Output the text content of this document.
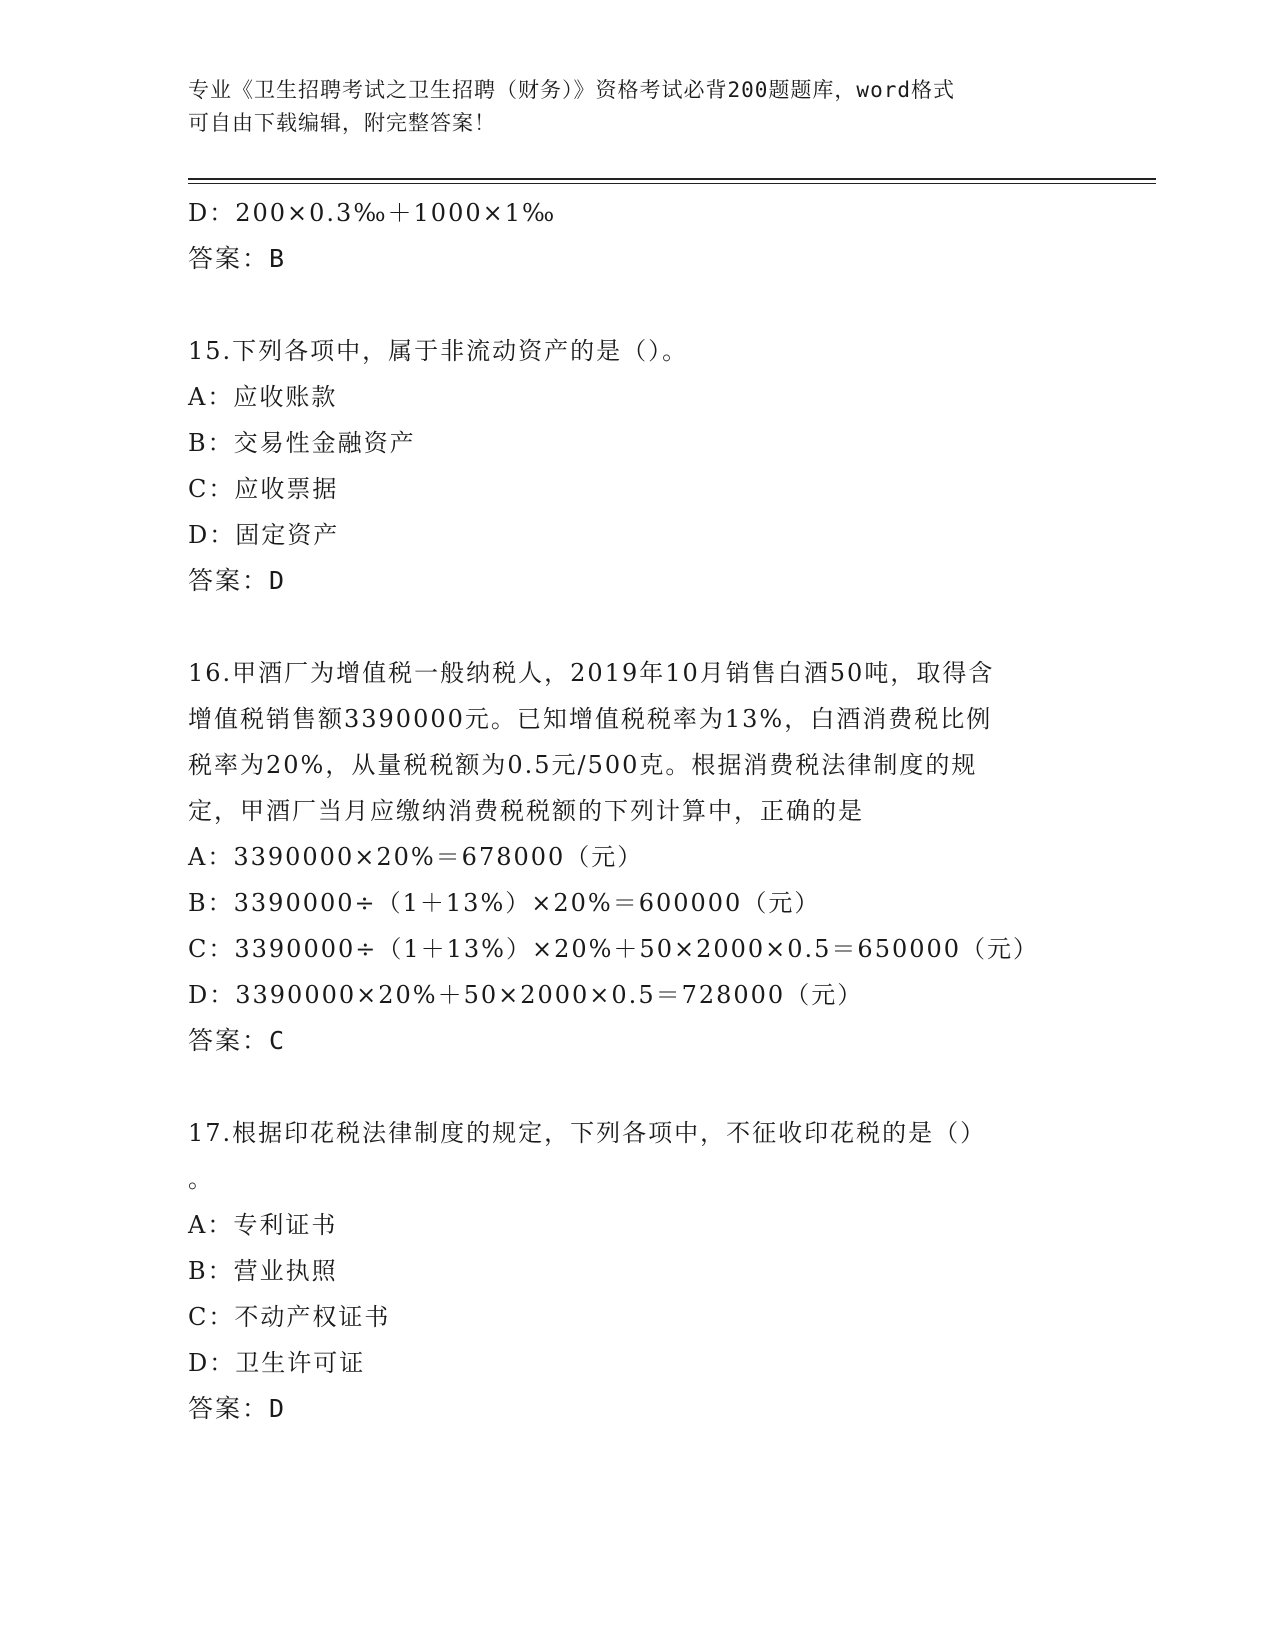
专业《卫生招聘考试之卫生招聘（财务）》资格考试必背200题题库，word格式
可自由下载编辑，附完整答案！
D：200×0.3‰＋1000×1‰
答案：B
15.下列各项中，属于非流动资产的是（）。
A：应收账款
B：交易性金融资产
C：应收票据
D：固定资产
答案：D
16.甲酒厂为增值税一般纳税人，2019年10月销售白酒50吨，取得含
增值税销售额3390000元。已知增值税税率为13%，白酒消费税比例
税率为20%，从量税税额为0.5元/500克。根据消费税法律制度的规
定，甲酒厂当月应缴纳消费税税额的下列计算中，正确的是
A：3390000×20%＝678000（元）
B：3390000÷（1＋13%）×20%＝600000（元）
C：3390000÷（1＋13%）×20%＋50×2000×0.5＝650000（元）
D：3390000×20%＋50×2000×0.5＝728000（元）
答案：C
17.根据印花税法律制度的规定，下列各项中，不征收印花税的是（）
。
A：专利证书
B：营业执照
C：不动产权证书
D：卫生许可证
答案：D
